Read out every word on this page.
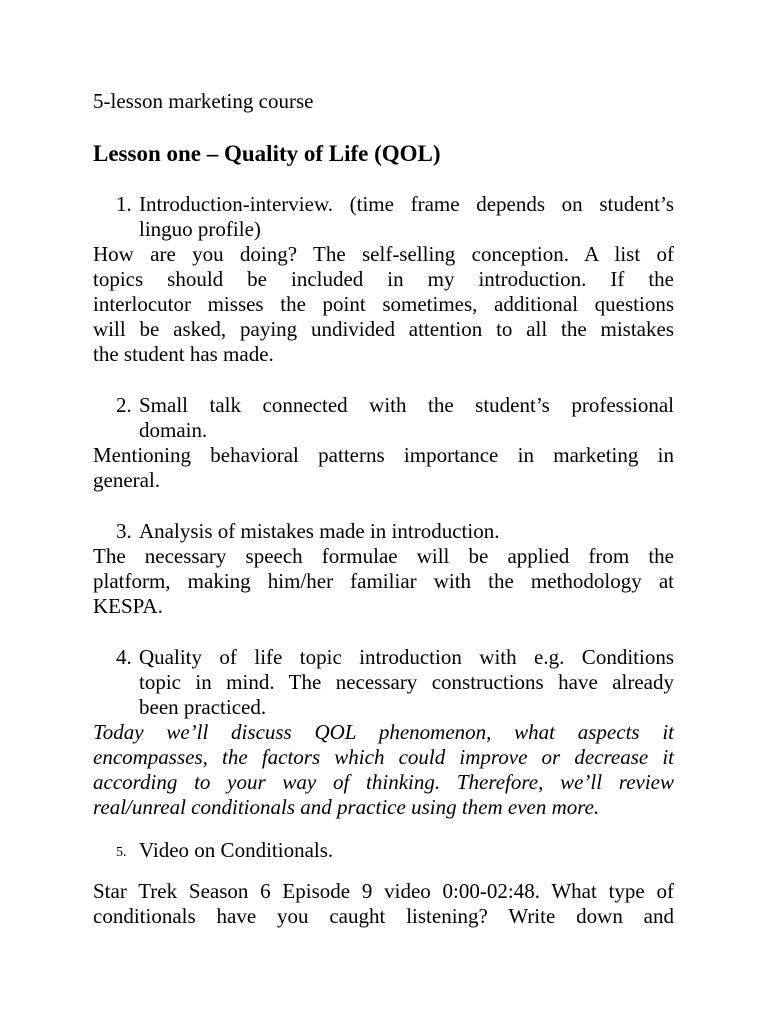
5-lesson marketing course
Lesson one – Quality of Life (QOL)
1. Introduction-interview. (time frame depends on student’s
linguo profile)
How are you doing? The self-selling conception. A list of
topics should be included in my introduction. If the
interlocutor misses the point sometimes, additional questions
will be asked, paying undivided attention to all the mistakes
the student has made.
2. Small talk connected with the student’s professional
domain.
Mentioning behavioral patterns importance in marketing in
general.
3. Analysis of mistakes made in introduction.
The necessary speech formulae will be applied from the
platform, making him/her familiar with the methodology at
KESPA.
4. Quality of life topic introduction with e.g. Conditions
topic in mind. The necessary constructions have already
been practiced.
Today we’ll discuss QOL phenomenon, what aspects it
encompasses, the factors which could improve or decrease it
according to your way of thinking. Therefore, we’ll review
real/unreal conditionals and practice using them even more.
5. Video on Conditionals.
Star Trek Season 6 Episode 9 video 0:00-02:48. What type of
conditionals have you caught listening? Write down and
